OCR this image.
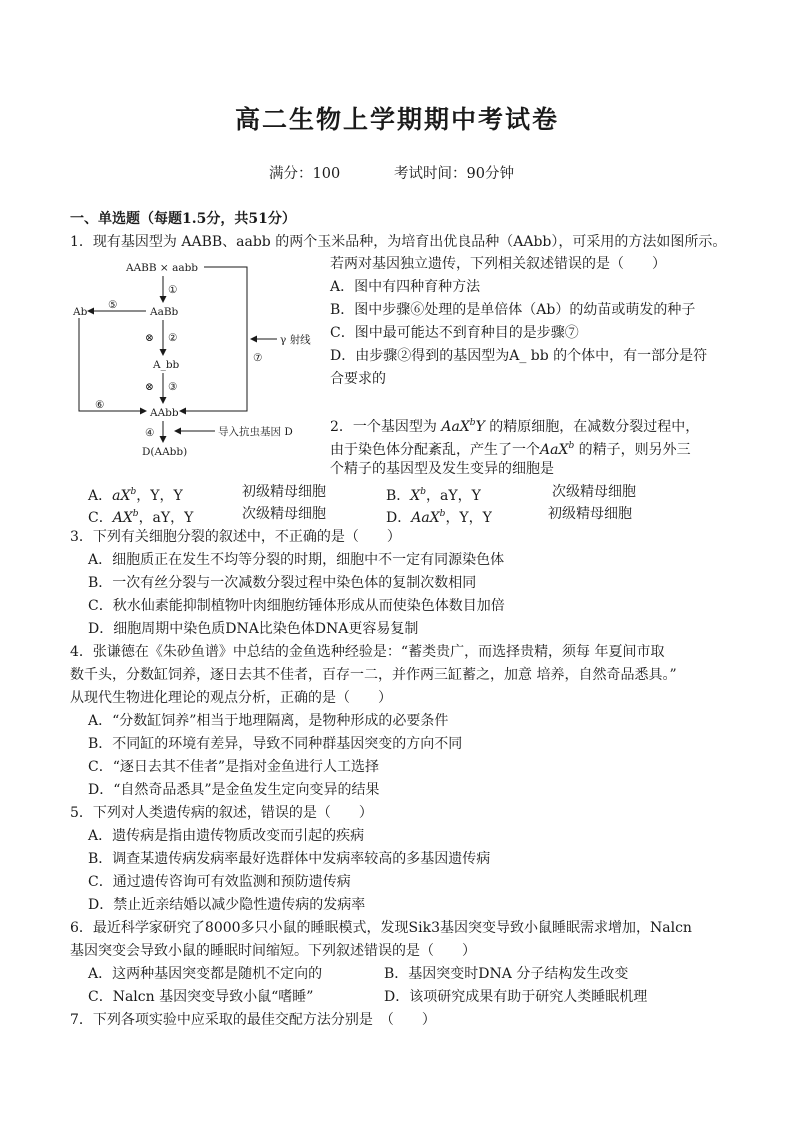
高二生物上学期期中考试卷
满分：100	考试时间：90分钟
一、单选题（每题1.5分，共51分）
1．现有基因型为 AABB、aabb 的两个玉米品种，为培育出优良品种（AAbb），可采用的方法如图所示。
若两对基因独立遗传，下列相关叙述错误的是（　　）
A．图中有四种育种方法
B．图中步骤⑥处理的是单倍体（Ab）的幼苗或萌发的种子
C．图中最可能达不到育种目的是步骤⑦
D．由步骤②得到的基因型为A_ bb 的个体中，有一部分是符
合要求的
AABB × aabb
AaBb
A_bb
AAbb
D(AAbb)
Ab
γ 射线
导入抗虫基因 D
①
⊗ ②
⊗ ③
④
⑤
⑥
⑦
2．一个基因型为 AaX$^b$Y 的精原细胞，在减数分裂过程中，
由于染色体分配紊乱，产生了一个AaX$^b$ 的精子，则另外三
个精子的基因型及发生变异的细胞是
A．$aX^b$，Y，Y	初级精母细胞	B．$X^b$，aY，Y	次级精母细胞
C．$AX^b$，aY，Y	次级精母细胞	D．AaX$^b$，Y，Y	初级精母细胞
3．下列有关细胞分裂的叙述中，不正确的是（　　）
A．细胞质正在发生不均等分裂的时期，细胞中不一定有同源染色体
B．一次有丝分裂与一次减数分裂过程中染色体的复制次数相同
C．秋水仙素能抑制植物叶肉细胞纺锤体形成从而使染色体数目加倍
D．细胞周期中染色质DNA比染色体DNA更容易复制
4．张谦德在《朱砂鱼谱》中总结的金鱼选种经验是：“蓄类贵广，而选择贵精，须每 年夏间市取
数千头，分数缸饲养，逐日去其不佳者，百存一二，并作两三缸蓄之，加意 培养，自然奇品悉具。”
从现代生物进化理论的观点分析，正确的是（　　）
A．“分数缸饲养”相当于地理隔离，是物种形成的必要条件
B．不同缸的环境有差异，导致不同种群基因突变的方向不同
C．“逐日去其不佳者”是指对金鱼进行人工选择
D．“自然奇品悉具”是金鱼发生定向变异的结果
5．下列对人类遗传病的叙述，错误的是（　　）
A．遗传病是指由遗传物质改变而引起的疾病
B．调查某遗传病发病率最好选群体中发病率较高的多基因遗传病
C．通过遗传咨询可有效监测和预防遗传病
D．禁止近亲结婚以减少隐性遗传病的发病率
6．最近科学家研究了8000多只小鼠的睡眠模式，发现Sik3基因突变导致小鼠睡眠需求增加，Nalcn
基因突变会导致小鼠的睡眠时间缩短。下列叙述错误的是（　　）
A．这两种基因突变都是随机不定向的	B．基因突变时DNA 分子结构发生改变
C．Nalcn 基因突变导致小鼠“嗜睡”	D．该项研究成果有助于研究人类睡眠机理
7．下列各项实验中应采取的最佳交配方法分别是　（　　）
